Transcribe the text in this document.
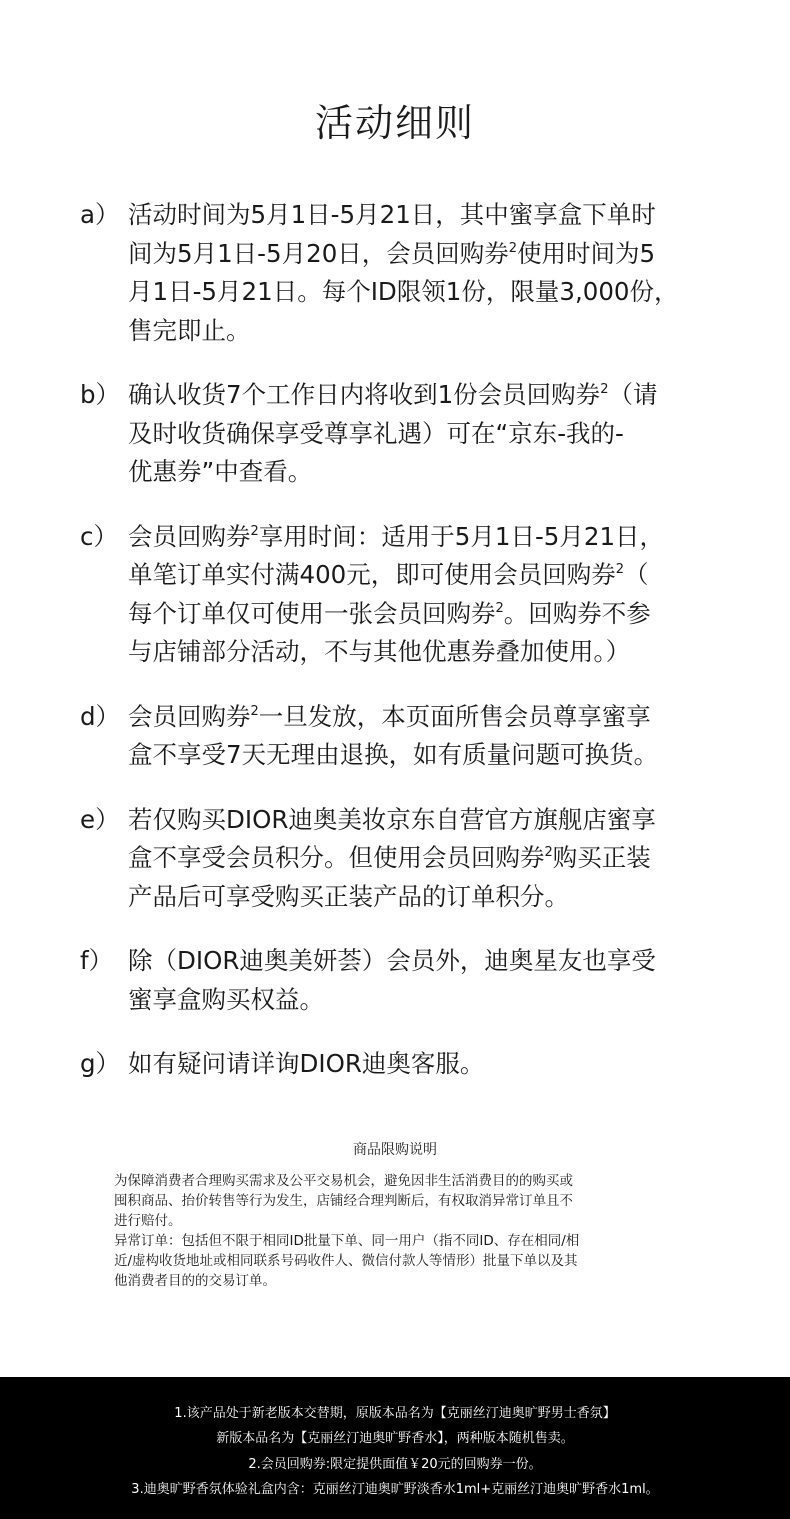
活动细则
a） 活动时间为5月1日-5月21日，其中蜜享盒下单时
间为5月1日-5月20日，会员回购券$^2$使用时间为5
月1日-5月21日。每个ID限领1份，限量3,000份，
售完即止。
b） 确认收货7个工作日内将收到1份会员回购券$^2$（请
及时收货确保享受尊享礼遇）可在“京东-我的-
优惠券”中查看。
c） 会员回购券$^2$享用时间：适用于5月1日-5月21日，
单笔订单实付满400元，即可使用会员回购券$^2$（
每个订单仅可使用一张会员回购券$^2$。回购券不参
与店铺部分活动，不与其他优惠券叠加使用。）
d） 会员回购券$^2$一旦发放，本页面所售会员尊享蜜享
盒不享受7天无理由退换，如有质量问题可换货。
e） 若仅购买DIOR迪奥美妆京东自营官方旗舰店蜜享
盒不享受会员积分。但使用会员回购券$^2$购买正装
产品后可享受购买正装产品的订单积分。
f） 除（DIOR迪奥美妍荟）会员外，迪奥星友也享受
蜜享盒购买权益。
g） 如有疑问请详询DIOR迪奥客服。
商品限购说明
为保障消费者合理购买需求及公平交易机会，避免因非生活消费目的的购买或
囤积商品、抬价转售等行为发生，店铺经合理判断后，有权取消异常订单且不
进行赔付。
异常订单：包括但不限于相同ID批量下单、同一用户（指不同ID、存在相同/相
近/虚构收货地址或相同联系号码收件人、微信付款人等情形）批量下单以及其
他消费者目的的交易订单。
1.该产品处于新老版本交替期，原版本品名为【克丽丝汀迪奥旷野男士香氛】
新版本品名为【克丽丝汀迪奥旷野香水】，两种版本随机售卖。
2.会员回购券:限定提供面值￥20元的回购券一份。
3.迪奥旷野香氛体验礼盒内含：克丽丝汀迪奥旷野淡香水1ml+克丽丝汀迪奥旷野香水1ml。
